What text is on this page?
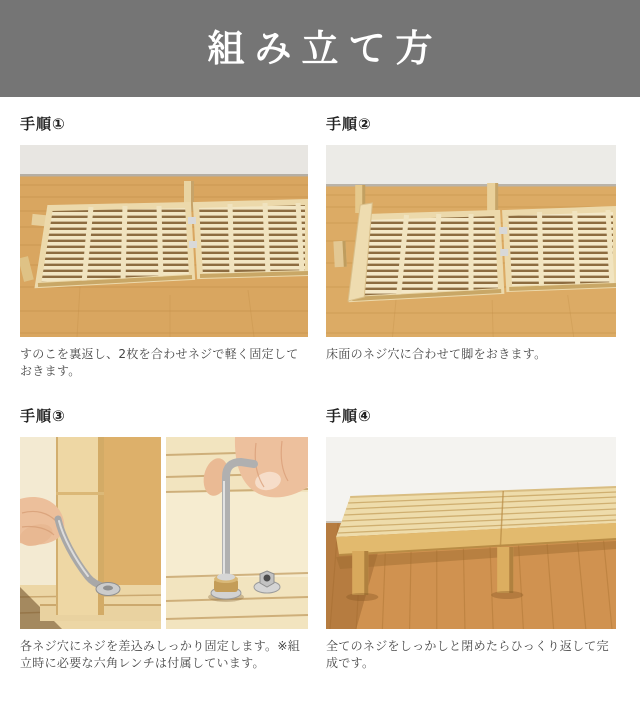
組み立て方
手順①

すのこを裏返し、2枚を合わせネジで軽く固定しておきます。

手順②

床面のネジ穴に合わせて脚をおきます。

手順③

各ネジ穴にネジを差込みしっかり固定します。※組立時に必要な六角レンチは付属しています。

手順④

全てのネジをしっかしと閉めたらひっくり返して完成です。
